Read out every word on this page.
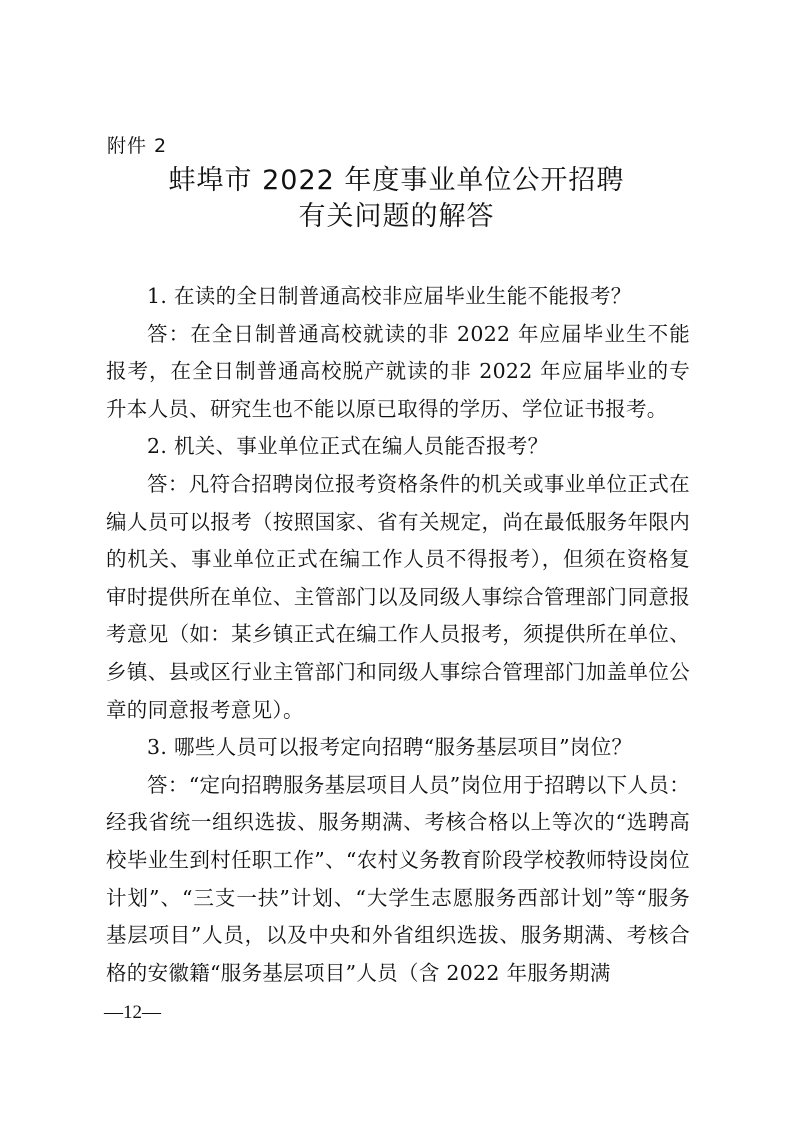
附件 2
蚌埠市 2022 年度事业单位公开招聘
有关问题的解答

1. 在读的全日制普通高校非应届毕业生能不能报考？

答：在全日制普通高校就读的非 2022 年应届毕业生不能报考，在全日制普通高校脱产就读的非 2022 年应届毕业的专升本人员、研究生也不能以原已取得的学历、学位证书报考。

2. 机关、事业单位正式在编人员能否报考？

答：凡符合招聘岗位报考资格条件的机关或事业单位正式在编人员可以报考（按照国家、省有关规定，尚在最低服务年限内的机关、事业单位正式在编工作人员不得报考），但须在资格复审时提供所在单位、主管部门以及同级人事综合管理部门同意报考意见（如：某乡镇正式在编工作人员报考，须提供所在单位、乡镇、县或区行业主管部门和同级人事综合管理部门加盖单位公章的同意报考意见）。

3. 哪些人员可以报考定向招聘“服务基层项目”岗位？

答：“定向招聘服务基层项目人员”岗位用于招聘以下人员：经我省统一组织选拔、服务期满、考核合格以上等次的“选聘高校毕业生到村任职工作”、“农村义务教育阶段学校教师特设岗位计划”、“三支一扶”计划、“大学生志愿服务西部计划”等“服务基层项目”人员，以及中央和外省组织选拔、服务期满、考核合格的安徽籍“服务基层项目”人员（含 2022 年服务期满

—12—
